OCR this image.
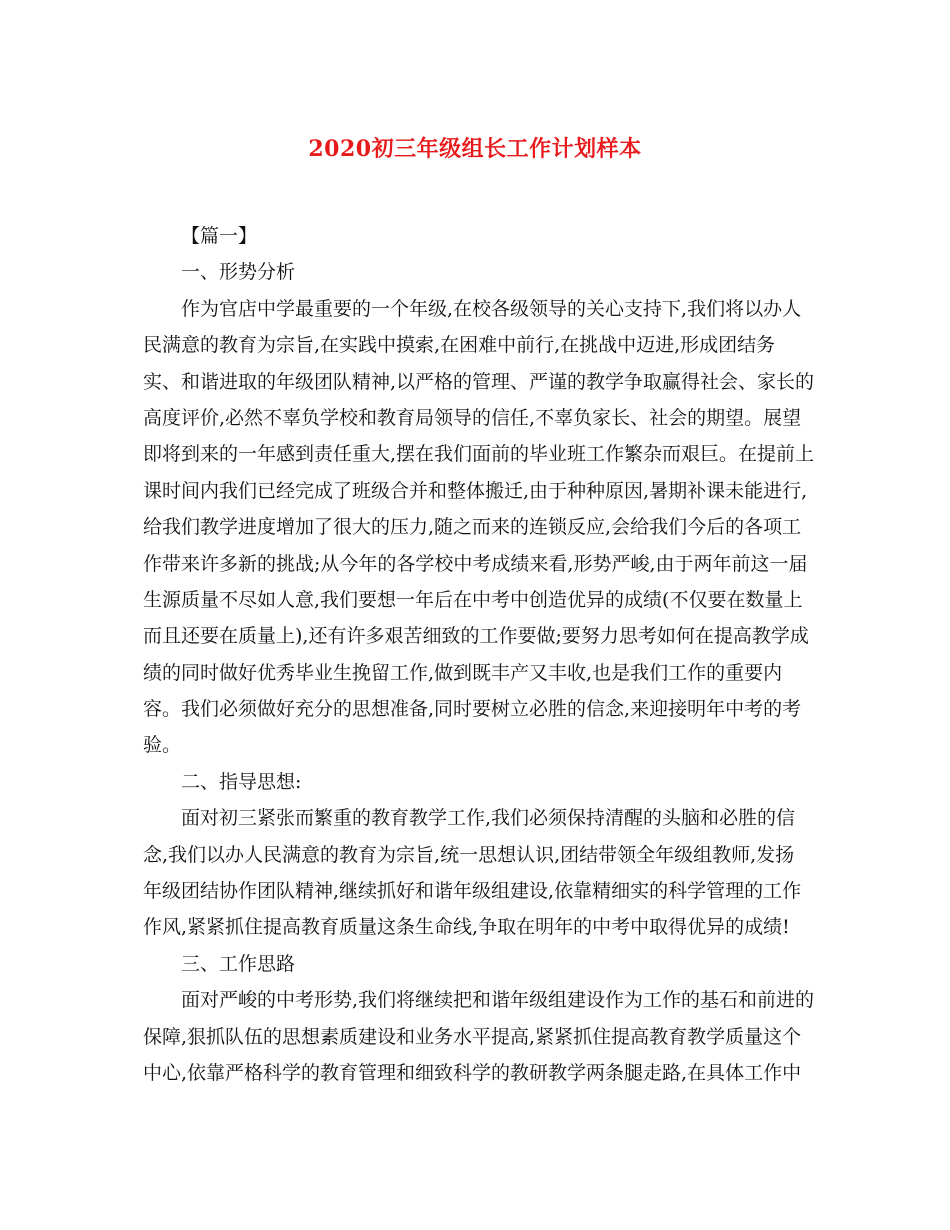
2020初三年级组长工作计划样本
【篇一】
一、形势分析
作为官店中学最重要的一个年级,在校各级领导的关心支持下,我们将以办人
民满意的教育为宗旨,在实践中摸索,在困难中前行,在挑战中迈进,形成团结务
实、和谐进取的年级团队精神,以严格的管理、严谨的教学争取赢得社会、家长的
高度评价,必然不辜负学校和教育局领导的信任,不辜负家长、社会的期望。展望
即将到来的一年感到责任重大,摆在我们面前的毕业班工作繁杂而艰巨。在提前上
课时间内我们已经完成了班级合并和整体搬迁,由于种种原因,暑期补课未能进行,
给我们教学进度增加了很大的压力,随之而来的连锁反应,会给我们今后的各项工
作带来许多新的挑战;从今年的各学校中考成绩来看,形势严峻,由于两年前这一届
生源质量不尽如人意,我们要想一年后在中考中创造优异的成绩(不仅要在数量上
而且还要在质量上),还有许多艰苦细致的工作要做;要努力思考如何在提高教学成
绩的同时做好优秀毕业生挽留工作,做到既丰产又丰收,也是我们工作的重要内
容。我们必须做好充分的思想准备,同时要树立必胜的信念,来迎接明年中考的考
验。
二、指导思想:
面对初三紧张而繁重的教育教学工作,我们必须保持清醒的头脑和必胜的信
念,我们以办人民满意的教育为宗旨,统一思想认识,团结带领全年级组教师,发扬
年级团结协作团队精神,继续抓好和谐年级组建设,依靠精细实的科学管理的工作
作风,紧紧抓住提高教育质量这条生命线,争取在明年的中考中取得优异的成绩!
三、工作思路
面对严峻的中考形势,我们将继续把和谐年级组建设作为工作的基石和前进的
保障,狠抓队伍的思想素质建设和业务水平提高,紧紧抓住提高教育教学质量这个
中心,依靠严格科学的教育管理和细致科学的教研教学两条腿走路,在具体工作中
